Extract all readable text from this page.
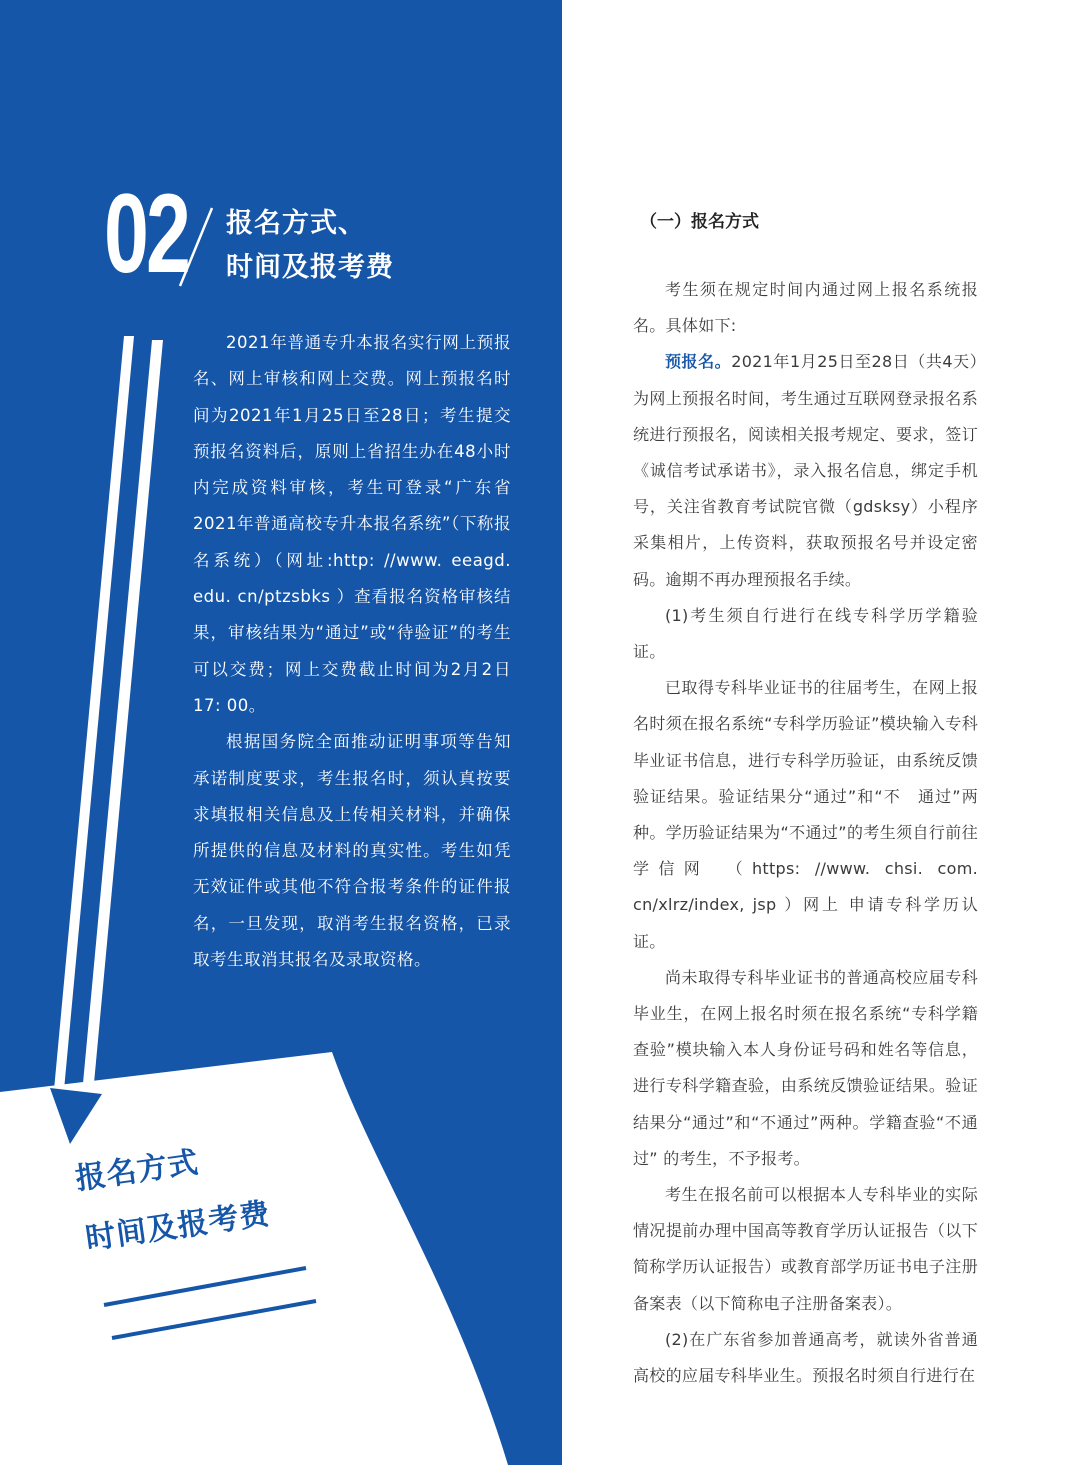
02 报名方式、
时间及报考费

2021年普通专升本报名实行网上预报名、网上审核和网上交费。网上预报名时间为2021年1月25日至28日；考生提交预报名资料后，原则上省招生办在48小时内完成资料审核，考生可登录“广东省2021年普通高校专升本报名系统”（下称报名系统）（网址:http: //www. eeagd. edu. cn/ptzsbks ）查看报名资格审核结果，审核结果为“通过”或“待验证”的考生可以交费；网上交费截止时间为2月2日17: 00。

根据国务院全面推动证明事项等告知承诺制度要求，考生报名时，须认真按要求填报相关信息及上传相关材料，并确保所提供的信息及材料的真实性。考生如凭无效证件或其他不符合报考条件的证件报名，一旦发现，取消考生报名资格，已录取考生取消其报名及录取资格。

报名方式
时间及报考费
（一）报名方式

考生须在规定时间内通过网上报名系统报名。具体如下:

预报名。2021年1月25日至28日（共4天）为网上预报名时间，考生通过互联网登录报名系统进行预报名，阅读相关报考规定、要求，签订《诚信考试承诺书》，录入报名信息，绑定手机号，关注省教育考试院官微（gdsksy）小程序采集相片，上传资料，获取预报名号并设定密码。逾期不再办理预报名手续。

(1)考生须自行进行在线专科学历学籍验证。

已取得专科毕业证书的往届考生，在网上报名时须在报名系统“专科学历验证”模块输入专科毕业证书信息，进行专科学历验证，由系统反馈验证结果。验证结果分“通过”和“不　通过”两种。学历验证结果为“不通过”的考生须自行前往学信网　（https: //www. chsi. com. cn/xlrz/index, jsp ）网上 申请专科学历认证。

尚未取得专科毕业证书的普通高校应届专科毕业生，在网上报名时须在报名系统“专科学籍查验”模块输入本人身份证号码和姓名等信息，进行专科学籍查验，由系统反馈验证结果。验证结果分“通过”和“不通过”两种。学籍查验“不通过” 的考生，不予报考。

考生在报名前可以根据本人专科毕业的实际情况提前办理中国高等教育学历认证报告（以下简称学历认证报告）或教育部学历证书电子注册备案表（以下简称电子注册备案表）。

(2)在广东省参加普通高考，就读外省普通高校的应届专科毕业生。预报名时须自行进行在
